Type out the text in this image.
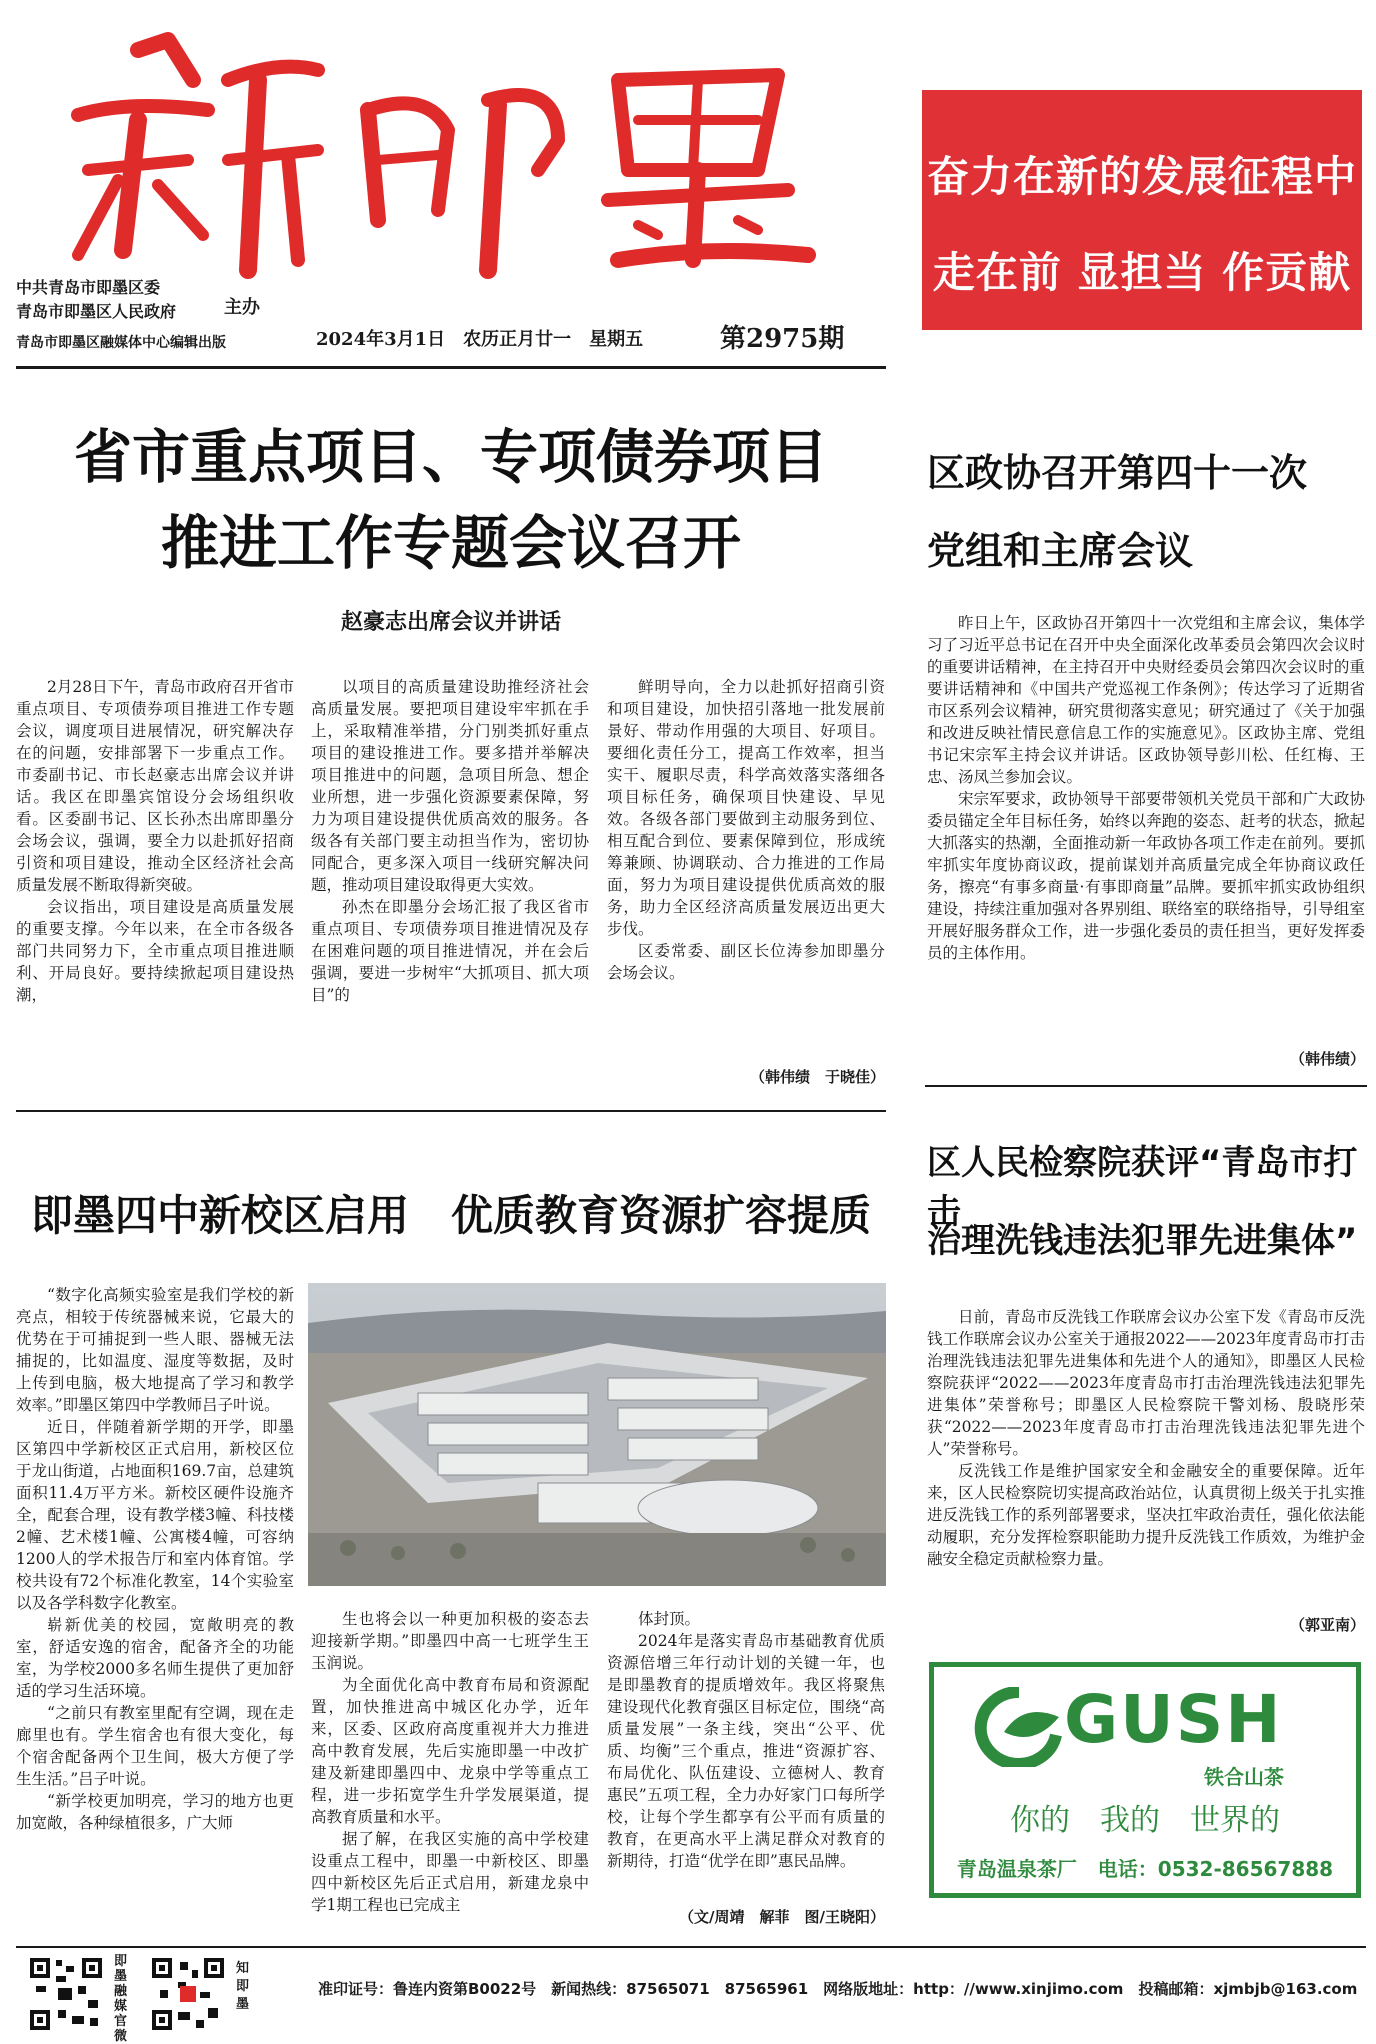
中共青岛市即墨区委
青岛市即墨区人民政府	主办
青岛市即墨区融媒体中心编辑出版	2024年3月1日　农历正月廿一　星期五	第2975期
奋力在新的发展征程中
走在前 显担当 作贡献
省市重点项目、专项债券项目
推进工作专题会议召开
赵豪志出席会议并讲话

2月28日下午，青岛市政府召开省市重点项目、专项债券项目推进工作专题会议，调度项目进展情况，研究解决存在的问题，安排部署下一步重点工作。市委副书记、市长赵豪志出席会议并讲话。我区在即墨宾馆设分会场组织收看。区委副书记、区长孙杰出席即墨分会场会议，强调，要全力以赴抓好招商引资和项目建设，推动全区经济社会高质量发展不断取得新突破。

会议指出，项目建设是高质量发展的重要支撑。今年以来，在全市各级各部门共同努力下，全市重点项目推进顺利、开局良好。要持续掀起项目建设热潮，

以项目的高质量建设助推经济社会高质量发展。要把项目建设牢牢抓在手上，采取精准举措，分门别类抓好重点项目的建设推进工作。要多措并举解决项目推进中的问题，急项目所急、想企业所想，进一步强化资源要素保障，努力为项目建设提供优质高效的服务。各级各有关部门要主动担当作为，密切协同配合，更多深入项目一线研究解决问题，推动项目建设取得更大实效。

孙杰在即墨分会场汇报了我区省市重点项目、专项债券项目推进情况及存在困难问题的项目推进情况，并在会后强调，要进一步树牢“大抓项目、抓大项目”的

鲜明导向，全力以赴抓好招商引资和项目建设，加快招引落地一批发展前景好、带动作用强的大项目、好项目。要细化责任分工，提高工作效率，担当实干、履职尽责，科学高效落实落细各项目标任务，确保项目快建设、早见效。各级各部门要做到主动服务到位、相互配合到位、要素保障到位，形成统筹兼顾、协调联动、合力推进的工作局面，努力为项目建设提供优质高效的服务，助力全区经济高质量发展迈出更大步伐。

区委常委、副区长位涛参加即墨分会场会议。

（韩伟绩　于晓佳）
区政协召开第四十一次
党组和主席会议

昨日上午，区政协召开第四十一次党组和主席会议，集体学习了习近平总书记在召开中央全面深化改革委员会第四次会议时的重要讲话精神，在主持召开中央财经委员会第四次会议时的重要讲话精神和《中国共产党巡视工作条例》；传达学习了近期省市区系列会议精神，研究贯彻落实意见；研究通过了《关于加强和改进反映社情民意信息工作的实施意见》。区政协主席、党组书记宋宗军主持会议并讲话。区政协领导彭川松、任红梅、王忠、汤凤兰参加会议。

宋宗军要求，政协领导干部要带领机关党员干部和广大政协委员锚定全年目标任务，始终以奔跑的姿态、赶考的状态，掀起大抓落实的热潮，全面推动新一年政协各项工作走在前列。要抓牢抓实年度协商议政，提前谋划并高质量完成全年协商议政任务，擦亮“有事多商量·有事即商量”品牌。要抓牢抓实政协组织建设，持续注重加强对各界别组、联络室的联络指导，引导组室开展好服务群众工作，进一步强化委员的责任担当，更好发挥委员的主体作用。

（韩伟绩）
即墨四中新校区启用　优质教育资源扩容提质

“数字化高频实验室是我们学校的新亮点，相较于传统器械来说，它最大的优势在于可捕捉到一些人眼、器械无法捕捉的，比如温度、湿度等数据，及时上传到电脑，极大地提高了学习和教学效率。”即墨区第四中学教师吕子叶说。

近日，伴随着新学期的开学，即墨区第四中学新校区正式启用，新校区位于龙山街道，占地面积169.7亩，总建筑面积11.4万平方米。新校区硬件设施齐全，配套合理，设有教学楼3幢、科技楼2幢、艺术楼1幢、公寓楼4幢，可容纳1200人的学术报告厅和室内体育馆。学校共设有72个标准化教室，14个实验室以及各学科数字化教室。

崭新优美的校园，宽敞明亮的教室，舒适安逸的宿舍，配备齐全的功能室，为学校2000多名师生提供了更加舒适的学习生活环境。

“之前只有教室里配有空调，现在走廊里也有。学生宿舍也有很大变化，每个宿舍配备两个卫生间，极大方便了学生生活。”吕子叶说。

“新学校更加明亮，学习的地方也更加宽敞，各种绿植很多，广大师

生也将会以一种更加积极的姿态去迎接新学期。”即墨四中高一七班学生王玉润说。

为全面优化高中教育布局和资源配置，加快推进高中城区化办学，近年来，区委、区政府高度重视并大力推进高中教育发展，先后实施即墨一中改扩建及新建即墨四中、龙泉中学等重点工程，进一步拓宽学生升学发展渠道，提高教育质量和水平。

据了解，在我区实施的高中学校建设重点工程中，即墨一中新校区、即墨四中新校区先后正式启用，新建龙泉中学1期工程也已完成主

体封顶。

2024年是落实青岛市基础教育优质资源倍增三年行动计划的关键一年，也是即墨教育的提质增效年。我区将聚焦建设现代化教育强区目标定位，围绕“高质量发展”一条主线，突出“公平、优质、均衡”三个重点，推进“资源扩容、布局优化、队伍建设、立德树人、教育惠民”五项工程，全力办好家门口每所学校，让每个学生都享有公平而有质量的教育，在更高水平上满足群众对教育的新期待，打造“优学在即”惠民品牌。

（文/周靖　解菲　图/王晓阳）
区人民检察院获评“青岛市打击
治理洗钱违法犯罪先进集体”

日前，青岛市反洗钱工作联席会议办公室下发《青岛市反洗钱工作联席会议办公室关于通报2022——2023年度青岛市打击治理洗钱违法犯罪先进集体和先进个人的通知》，即墨区人民检察院获评“2022——2023年度青岛市打击治理洗钱违法犯罪先进集体”荣誉称号；即墨区人民检察院干警刘杨、殷晓彤荣获“2022——2023年度青岛市打击治理洗钱违法犯罪先进个人”荣誉称号。

反洗钱工作是维护国家安全和金融安全的重要保障。近年来，区人民检察院切实提高政治站位，认真贯彻上级关于扎实推进反洗钱工作的系列部署要求，坚决扛牢政治责任，强化依法能动履职，充分发挥检察职能助力提升反洗钱工作质效，为维护金融安全稳定贡献检察力量。

（郭亚南）
GUSH
铁合山茶
你的　我的　世界的
青岛温泉茶厂 电话：0532-86567888
即墨融媒官微
知即墨
准印证号：鲁连内资第B0022号　新闻热线：87565071　87565961　网络版地址：http：//www.xinjimo.com　投稿邮箱：xjmbjb@163.com
